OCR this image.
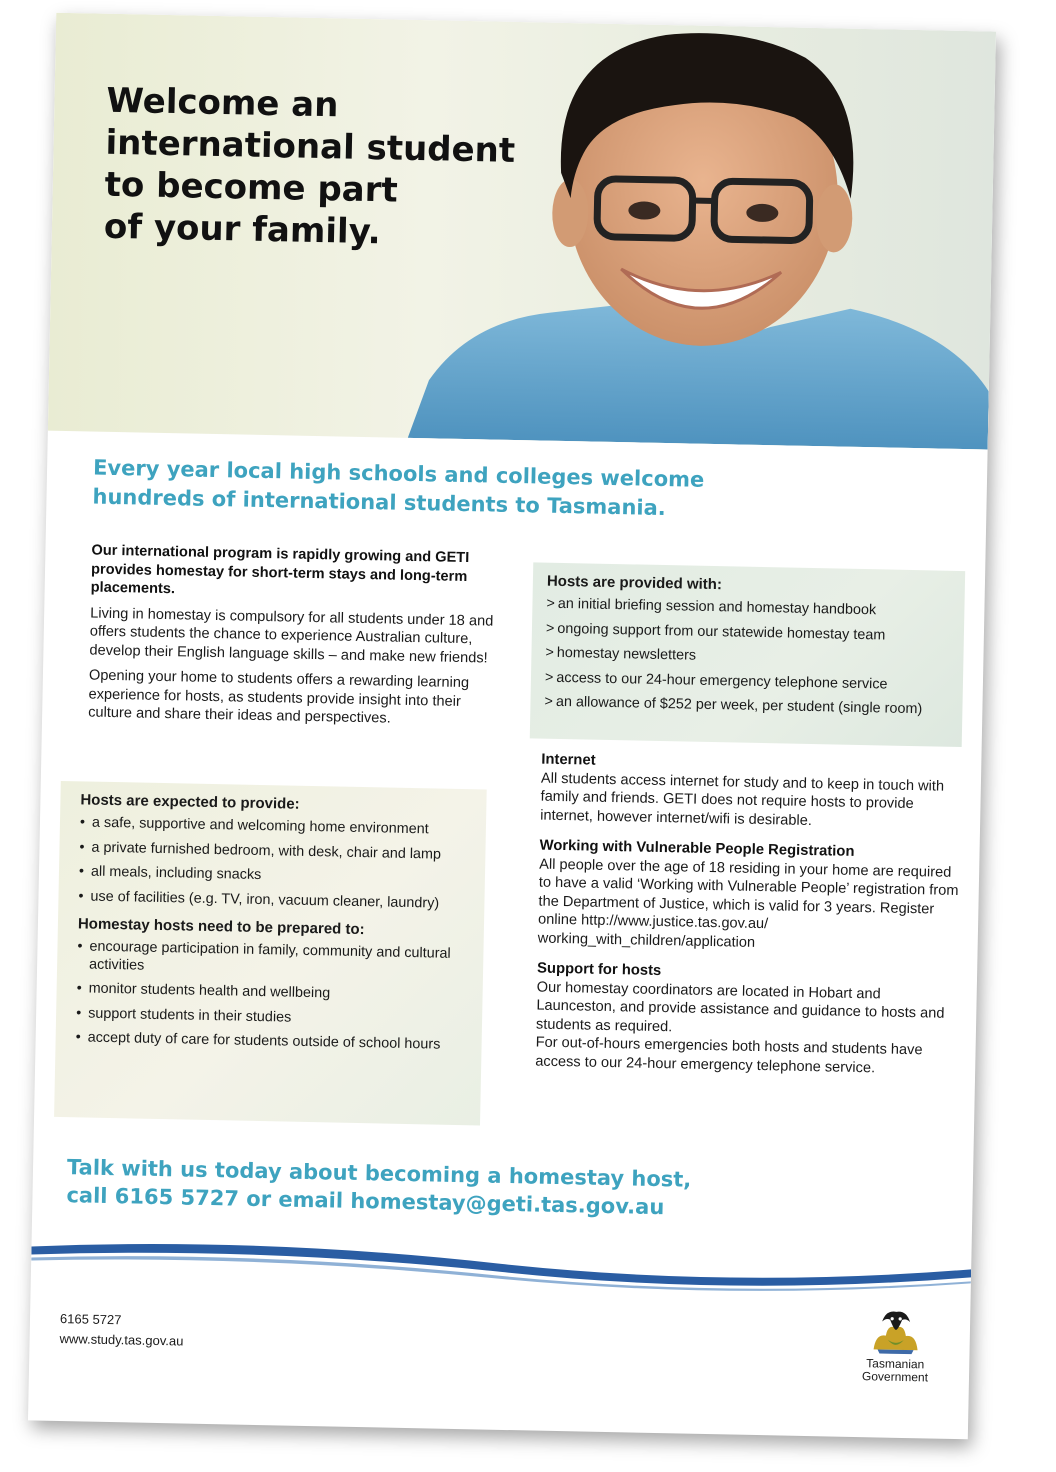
Welcome an
international student
to become part
of your family.
Every year local high schools and colleges welcome
hundreds of international students to Tasmania.

Our international program is rapidly growing and GETI provides homestay for short-term stays and long-term placements.

Living in homestay is compulsory for all students under 18 and offers students the chance to experience Australian culture, develop their English language skills – and make new friends!

Opening your home to students offers a rewarding learning experience for hosts, as students provide insight into their culture and share their ideas and perspectives.

Hosts are expected to provide:
• a safe, supportive and welcoming home environment
• a private furnished bedroom, with desk, chair and lamp
• all meals, including snacks
• use of facilities (e.g. TV, iron, vacuum cleaner, laundry)
Homestay hosts need to be prepared to:
• encourage participation in family, community and cultural activities
• monitor students health and wellbeing
• support students in their studies
• accept duty of care for students outside of school hours
Hosts are provided with:
> an initial briefing session and homestay handbook
> ongoing support from our statewide homestay team
> homestay newsletters
> access to our 24-hour emergency telephone service
> an allowance of $252 per week, per student (single room)
Internet

All students access internet for study and to keep in touch with family and friends. GETI does not require hosts to provide internet, however internet/wifi is desirable.

Working with Vulnerable People Registration

All people over the age of 18 residing in your home are required to have a valid ‘Working with Vulnerable People’ registration from the Department of Justice, which is valid for 3 years. Register online http://www.justice.tas.gov.au/ working_with_children/application

Support for hosts

Our homestay coordinators are located in Hobart and Launceston, and provide assistance and guidance to hosts and students as required.

For out-of-hours emergencies both hosts and students have access to our 24-hour emergency telephone service.

Talk with us today about becoming a homestay host,
call 6165 5727 or email homestay@geti.tas.gov.au
6165 5727
www.study.tas.gov.au
Tasmanian
Government
